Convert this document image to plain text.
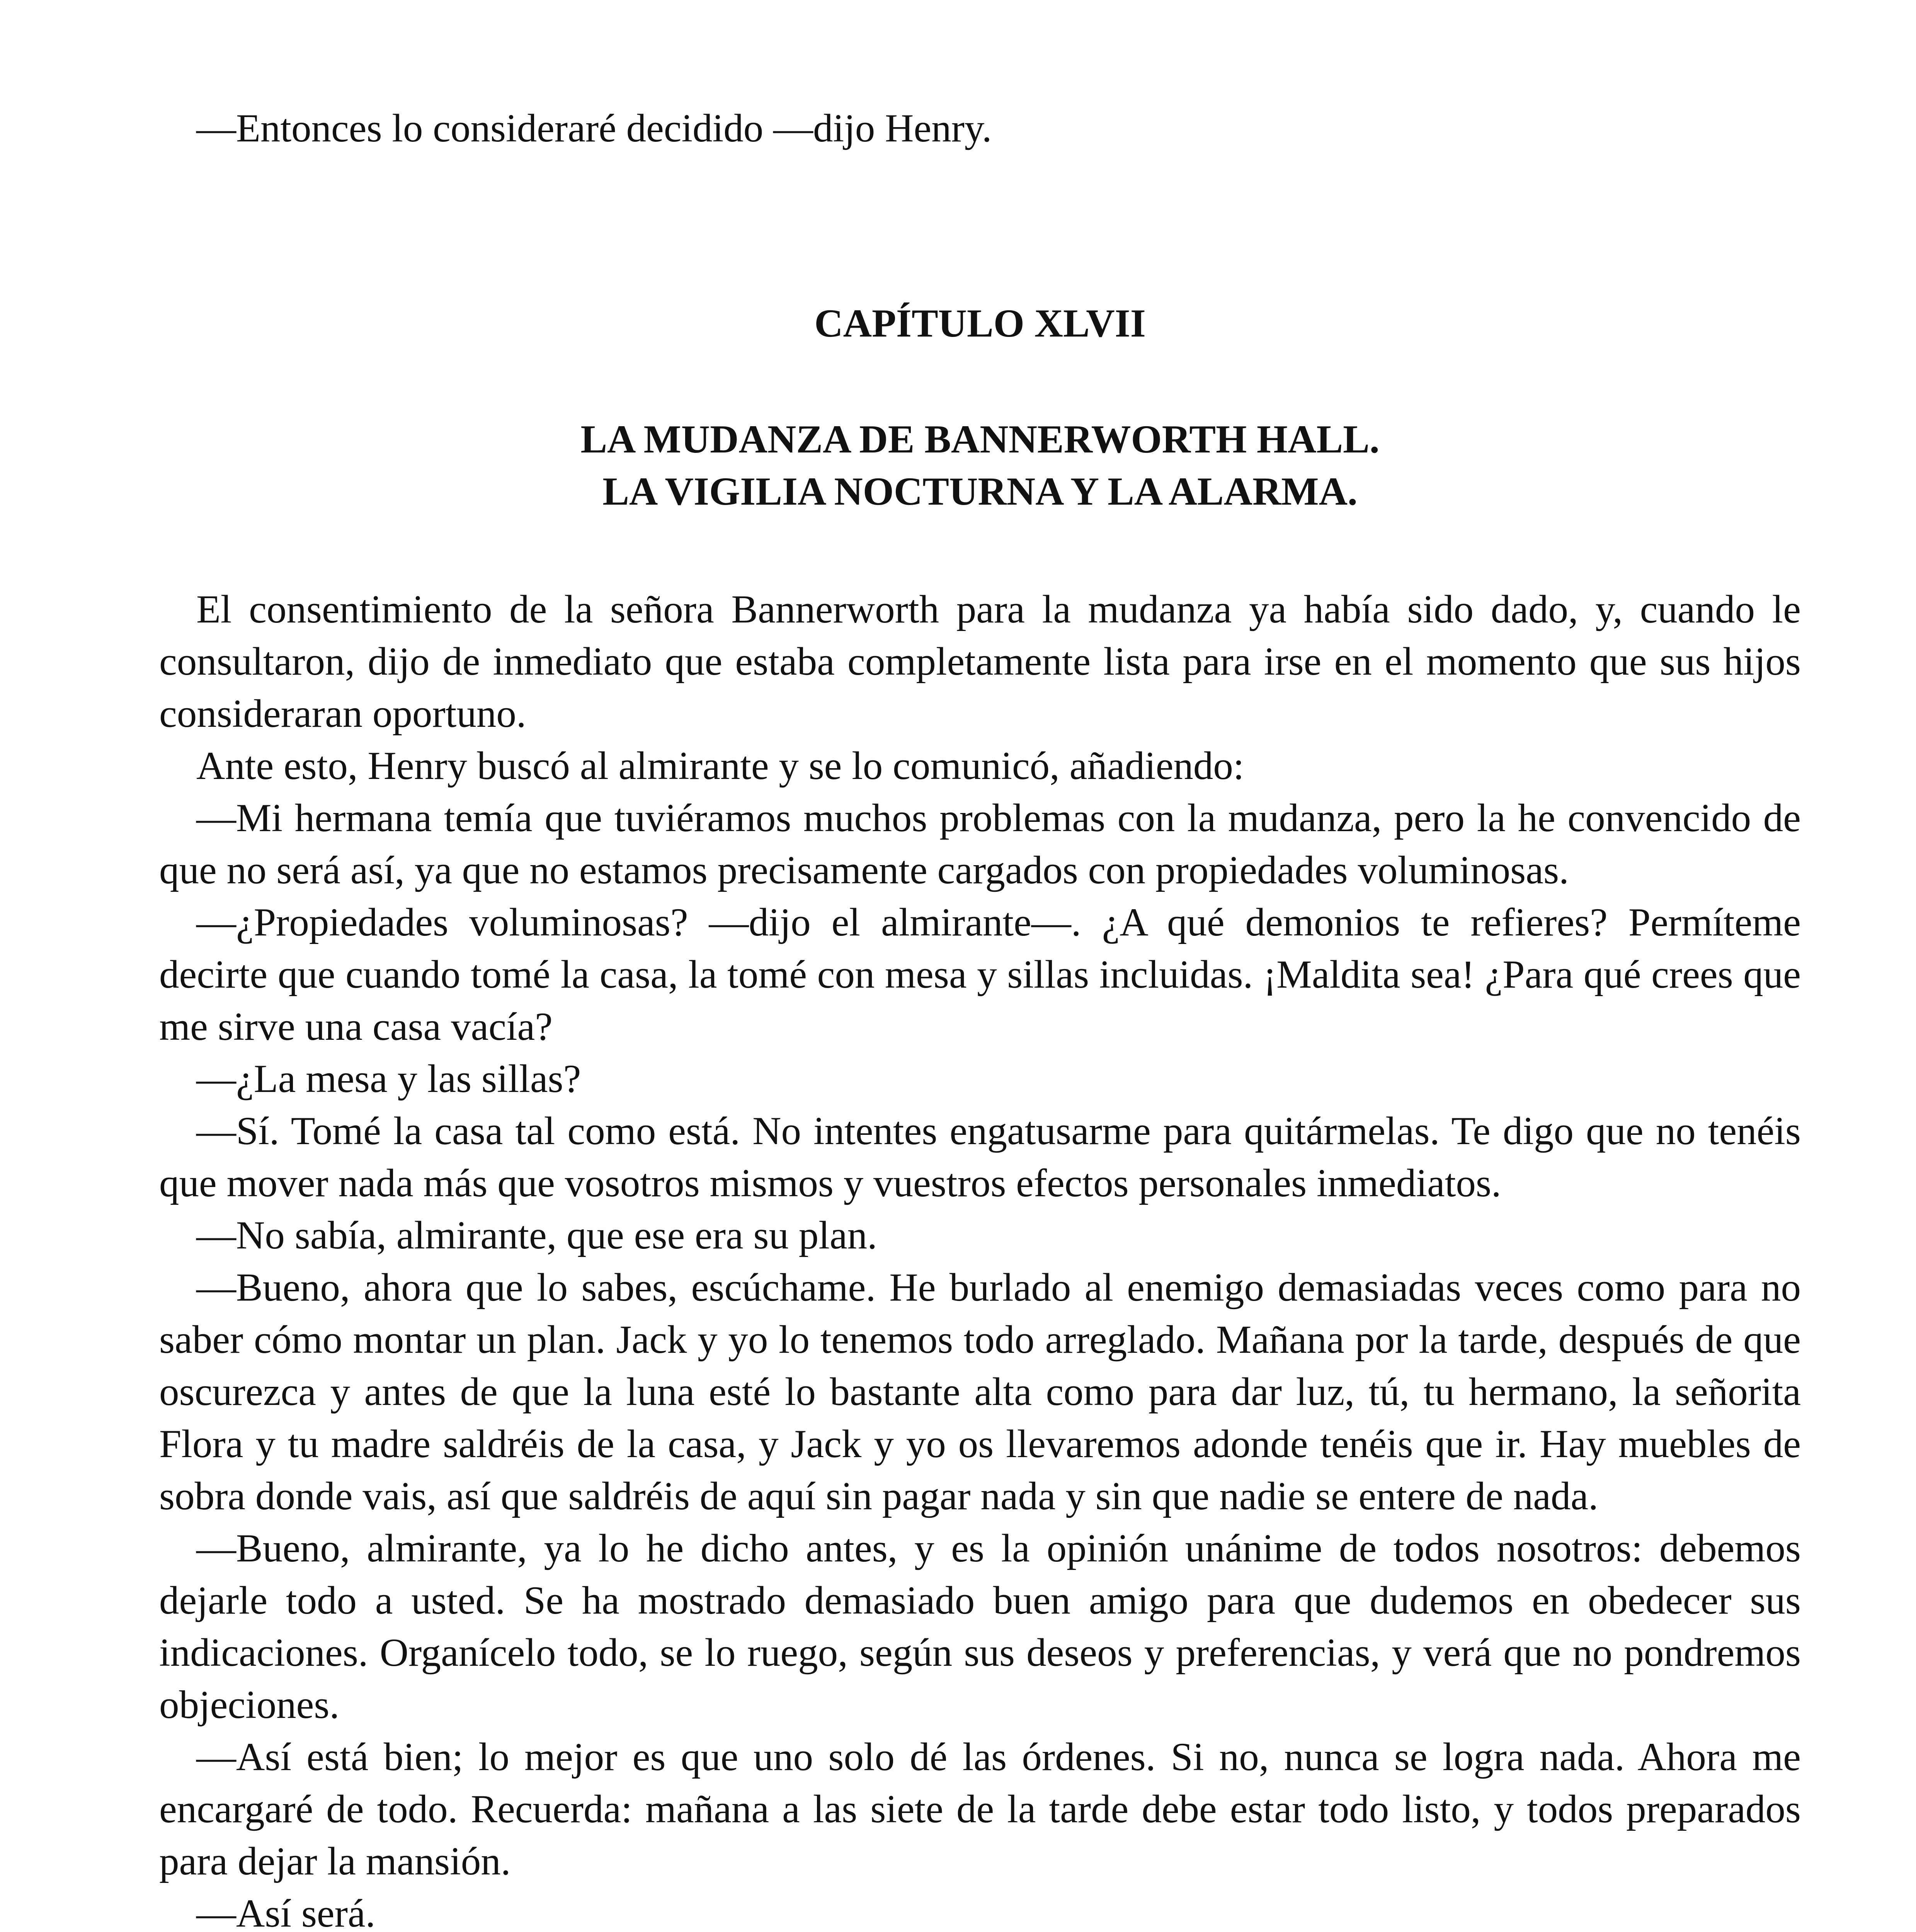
—Entonces lo consideraré decidido —dijo Henry.

CAPÍTULO XLVII
LA MUDANZA DE BANNERWORTH HALL.
LA VIGILIA NOCTURNA Y LA ALARMA.

El consentimiento de la señora Bannerworth para la mudanza ya había sido dado, y, cuando le consultaron, dijo de inmediato que estaba completamente lista para irse en el momento que sus hijos consideraran oportuno.

Ante esto, Henry buscó al almirante y se lo comunicó, añadiendo:

—Mi hermana temía que tuviéramos muchos problemas con la mudanza, pero la he convencido de que no será así, ya que no estamos precisamente cargados con propiedades voluminosas.

—¿Propiedades voluminosas? —dijo el almirante—. ¿A qué demonios te refieres? Permíteme decirte que cuando tomé la casa, la tomé con mesa y sillas incluidas. ¡Maldita sea! ¿Para qué crees que me sirve una casa vacía?

—¿La mesa y las sillas?

—Sí. Tomé la casa tal como está. No intentes engatusarme para quitármelas. Te digo que no tenéis que mover nada más que vosotros mismos y vuestros efectos personales inmediatos.

—No sabía, almirante, que ese era su plan.

—Bueno, ahora que lo sabes, escúchame. He burlado al enemigo demasiadas veces como para no saber cómo montar un plan. Jack y yo lo tenemos todo arreglado. Mañana por la tarde, después de que oscurezca y antes de que la luna esté lo bastante alta como para dar luz, tú, tu hermano, la señorita Flora y tu madre saldréis de la casa, y Jack y yo os llevaremos adonde tenéis que ir. Hay muebles de sobra donde vais, así que saldréis de aquí sin pagar nada y sin que nadie se entere de nada.

—Bueno, almirante, ya lo he dicho antes, y es la opinión unánime de todos nosotros: debemos dejarle todo a usted. Se ha mostrado demasiado buen amigo para que dudemos en obedecer sus indicaciones. Organícelo todo, se lo ruego, según sus deseos y preferencias, y verá que no pondremos objeciones.

—Así está bien; lo mejor es que uno solo dé las órdenes. Si no, nunca se logra nada. Ahora me encargaré de todo. Recuerda: mañana a las siete de la tarde debe estar todo listo, y todos preparados para dejar la mansión.

—Así será.
